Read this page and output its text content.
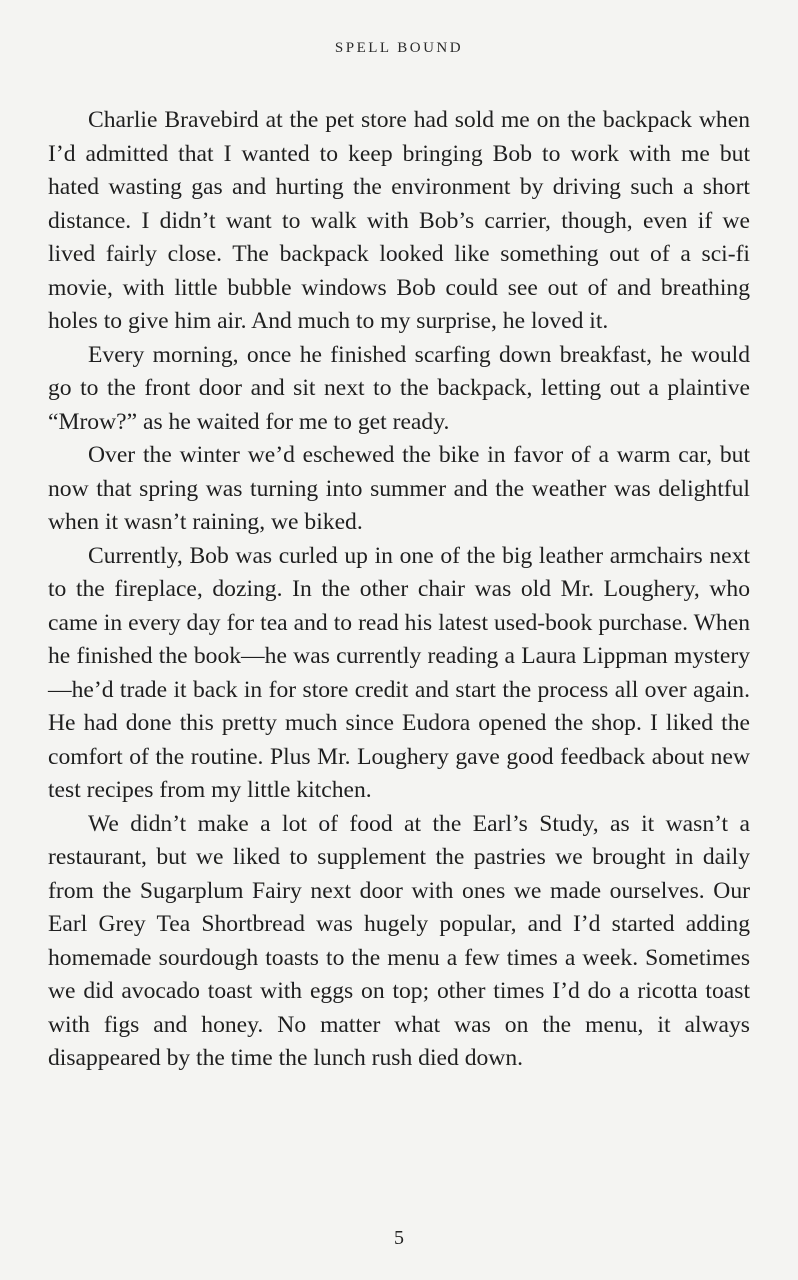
SPELL BOUND

Charlie Bravebird at the pet store had sold me on the backpack when I’d admitted that I wanted to keep bringing Bob to work with me but hated wasting gas and hurting the environment by driving such a short distance. I didn’t want to walk with Bob’s carrier, though, even if we lived fairly close. The backpack looked like something out of a sci-fi movie, with little bubble windows Bob could see out of and breathing holes to give him air. And much to my surprise, he loved it.

Every morning, once he finished scarfing down breakfast, he would go to the front door and sit next to the backpack, letting out a plaintive “Mrow?” as he waited for me to get ready.

Over the winter we’d eschewed the bike in favor of a warm car, but now that spring was turning into summer and the weather was delightful when it wasn’t raining, we biked.

Currently, Bob was curled up in one of the big leather armchairs next to the fireplace, dozing. In the other chair was old Mr. Loughery, who came in every day for tea and to read his latest used-book purchase. When he finished the book—he was currently reading a Laura Lippman mystery—he’d trade it back in for store credit and start the process all over again. He had done this pretty much since Eudora opened the shop. I liked the comfort of the routine. Plus Mr. Loughery gave good feedback about new test recipes from my little kitchen.

We didn’t make a lot of food at the Earl’s Study, as it wasn’t a restaurant, but we liked to supplement the pastries we brought in daily from the Sugarplum Fairy next door with ones we made ourselves. Our Earl Grey Tea Shortbread was hugely popular, and I’d started adding homemade sourdough toasts to the menu a few times a week. Sometimes we did avocado toast with eggs on top; other times I’d do a ricotta toast with figs and honey. No matter what was on the menu, it always disappeared by the time the lunch rush died down.

5
